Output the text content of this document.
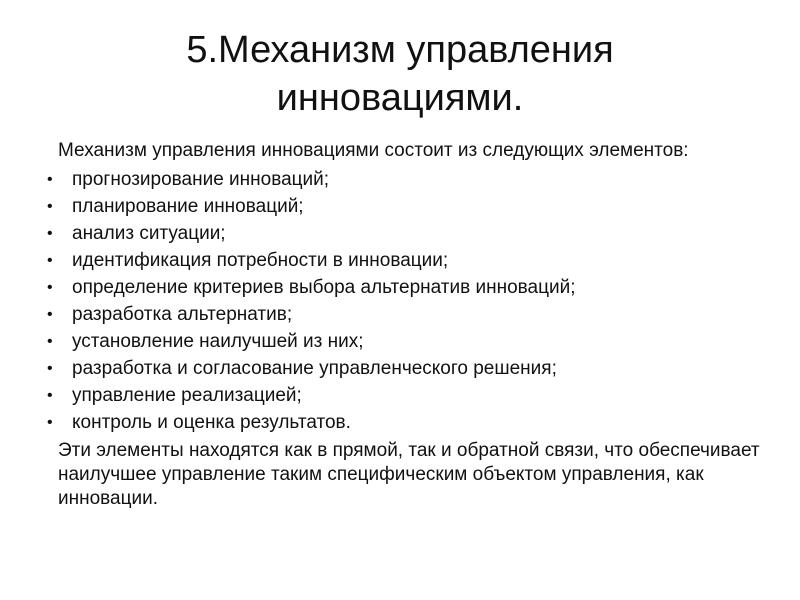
5.Механизм управления
инновациями.

Механизм управления инновациями состоит из следующих элементов:

• прогнозирование инноваций;
• планирование инноваций;
• анализ ситуации;
• идентификация потребности в инновации;
• определение критериев выбора альтернатив инноваций;
• разработка альтернатив;
• установление наилучшей из них;
• разработка и согласование управленческого решения;
• управление реализацией;
• контроль и оценка результатов.

Эти элементы находятся как в прямой, так и обратной связи, что обеспечивает наилучшее управление таким специфическим объектом управления, как инновации.
